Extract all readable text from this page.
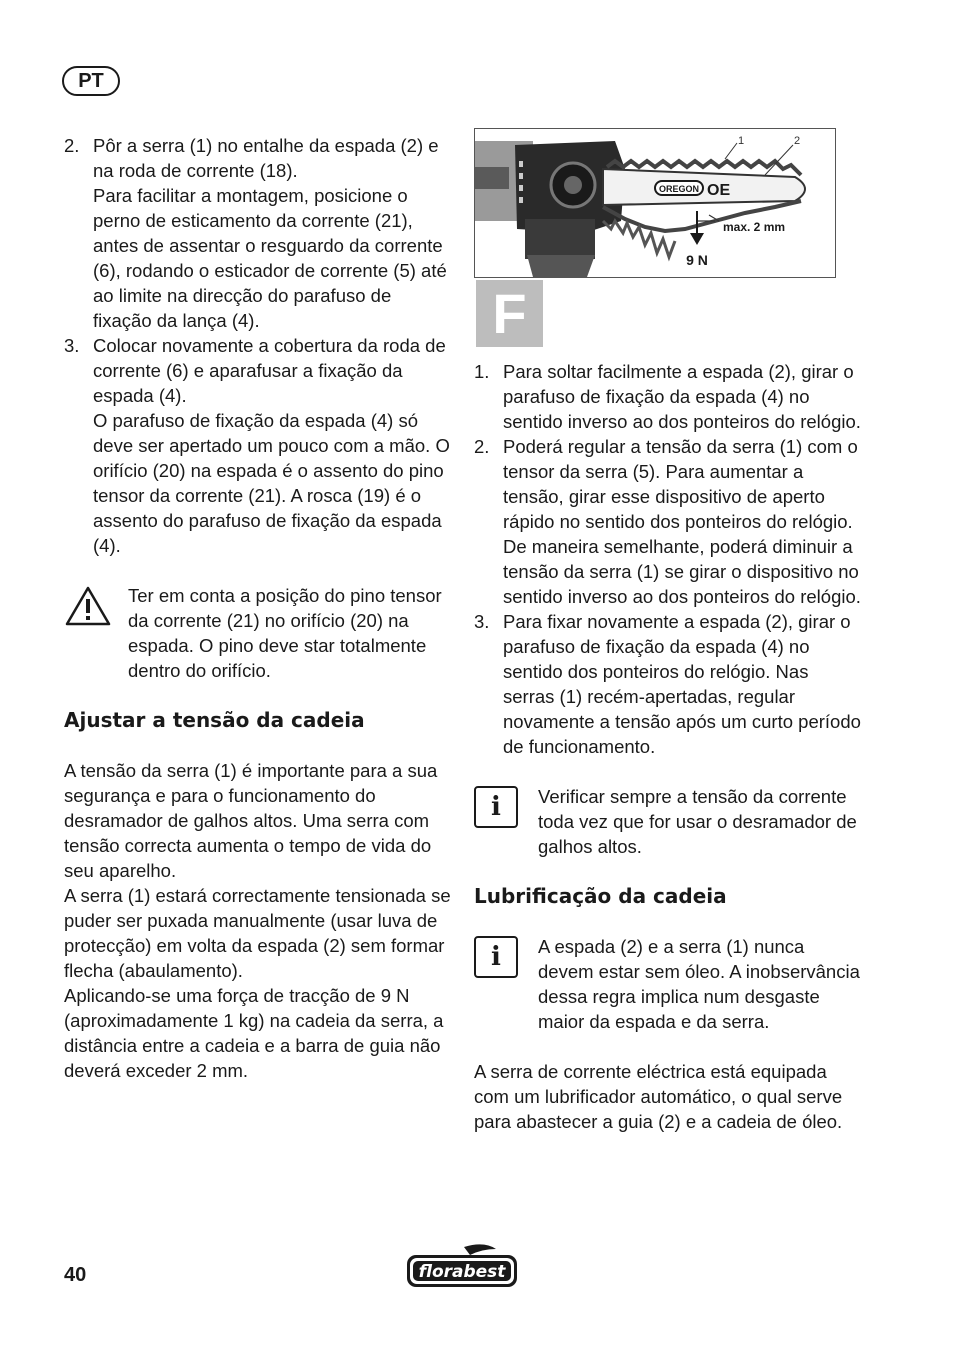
PT
2. Pôr a serra (1) no entalhe da espada (2) e na roda de corrente (18).
Para facilitar a montagem, posicione o perno de esticamento da corrente (21), antes de assentar o resguardo da corrente (6), rodando o esticador de corrente (5) até ao limite na direcção do parafuso de fixação da lança (4).
3. Colocar novamente a cobertura da roda de corrente (6) e aparafusar a fixação da espada (4).
O parafuso de fixação da espada (4) só deve ser apertado um pouco com a mão. O orifício (20) na espada é o assento do pino tensor da corrente (21). A rosca (19) é o assento do parafuso de fixação da espada (4).
Ter em conta a posição do pino tensor da corrente (21) no orifício (20) na espada. O pino deve star totalmente dentro do orifício.
Ajustar a tensão da cadeia

A tensão da serra (1) é importante para a sua segurança e para o funcionamento do desramador de galhos altos. Uma serra com tensão correcta aumenta o tempo de vida do seu aparelho.

A serra (1) estará correctamente tensionada se puder ser puxada manualmente (usar luva de protecção) em volta da espada (2) sem formar flecha (abaulamento).

Aplicando-se uma força de tracção de 9 N (aproximadamente 1 kg) na cadeia da serra, a distância entre a cadeia e a barra de guia não deverá exceder 2 mm.

OREGON OE
1	2
max. 2 mm
9 N
F
1. Para soltar facilmente a espada (2), girar o parafuso de fixação da espada (4) no sentido inverso ao dos ponteiros do relógio.
2. Poderá regular a tensão da serra (1) com o tensor da serra (5). Para aumentar a tensão, girar esse dispositivo de aperto rápido no sentido dos ponteiros do relógio. De maneira semelhante, poderá diminuir a tensão da serra (1) se girar o dispositivo no sentido inverso ao dos ponteiros do relógio.
3. Para fixar novamente a espada (2), girar o parafuso de fixação da espada (4) no sentido dos ponteiros do relógio. Nas serras (1) recém-apertadas, regular novamente a tensão após um curto período de funcionamento.
i	Verificar sempre a tensão da corrente toda vez que for usar o desramador de galhos altos.
Lubrificação da cadeia
i	A espada (2) e a serra (1) nunca devem estar sem óleo. A inobservância dessa regra implica num desgaste maior da espada e da serra.

A serra de corrente eléctrica está equipada com um lubrificador automático, o qual serve para abastecer a guia (2) e a cadeia de óleo.

40	florabest
